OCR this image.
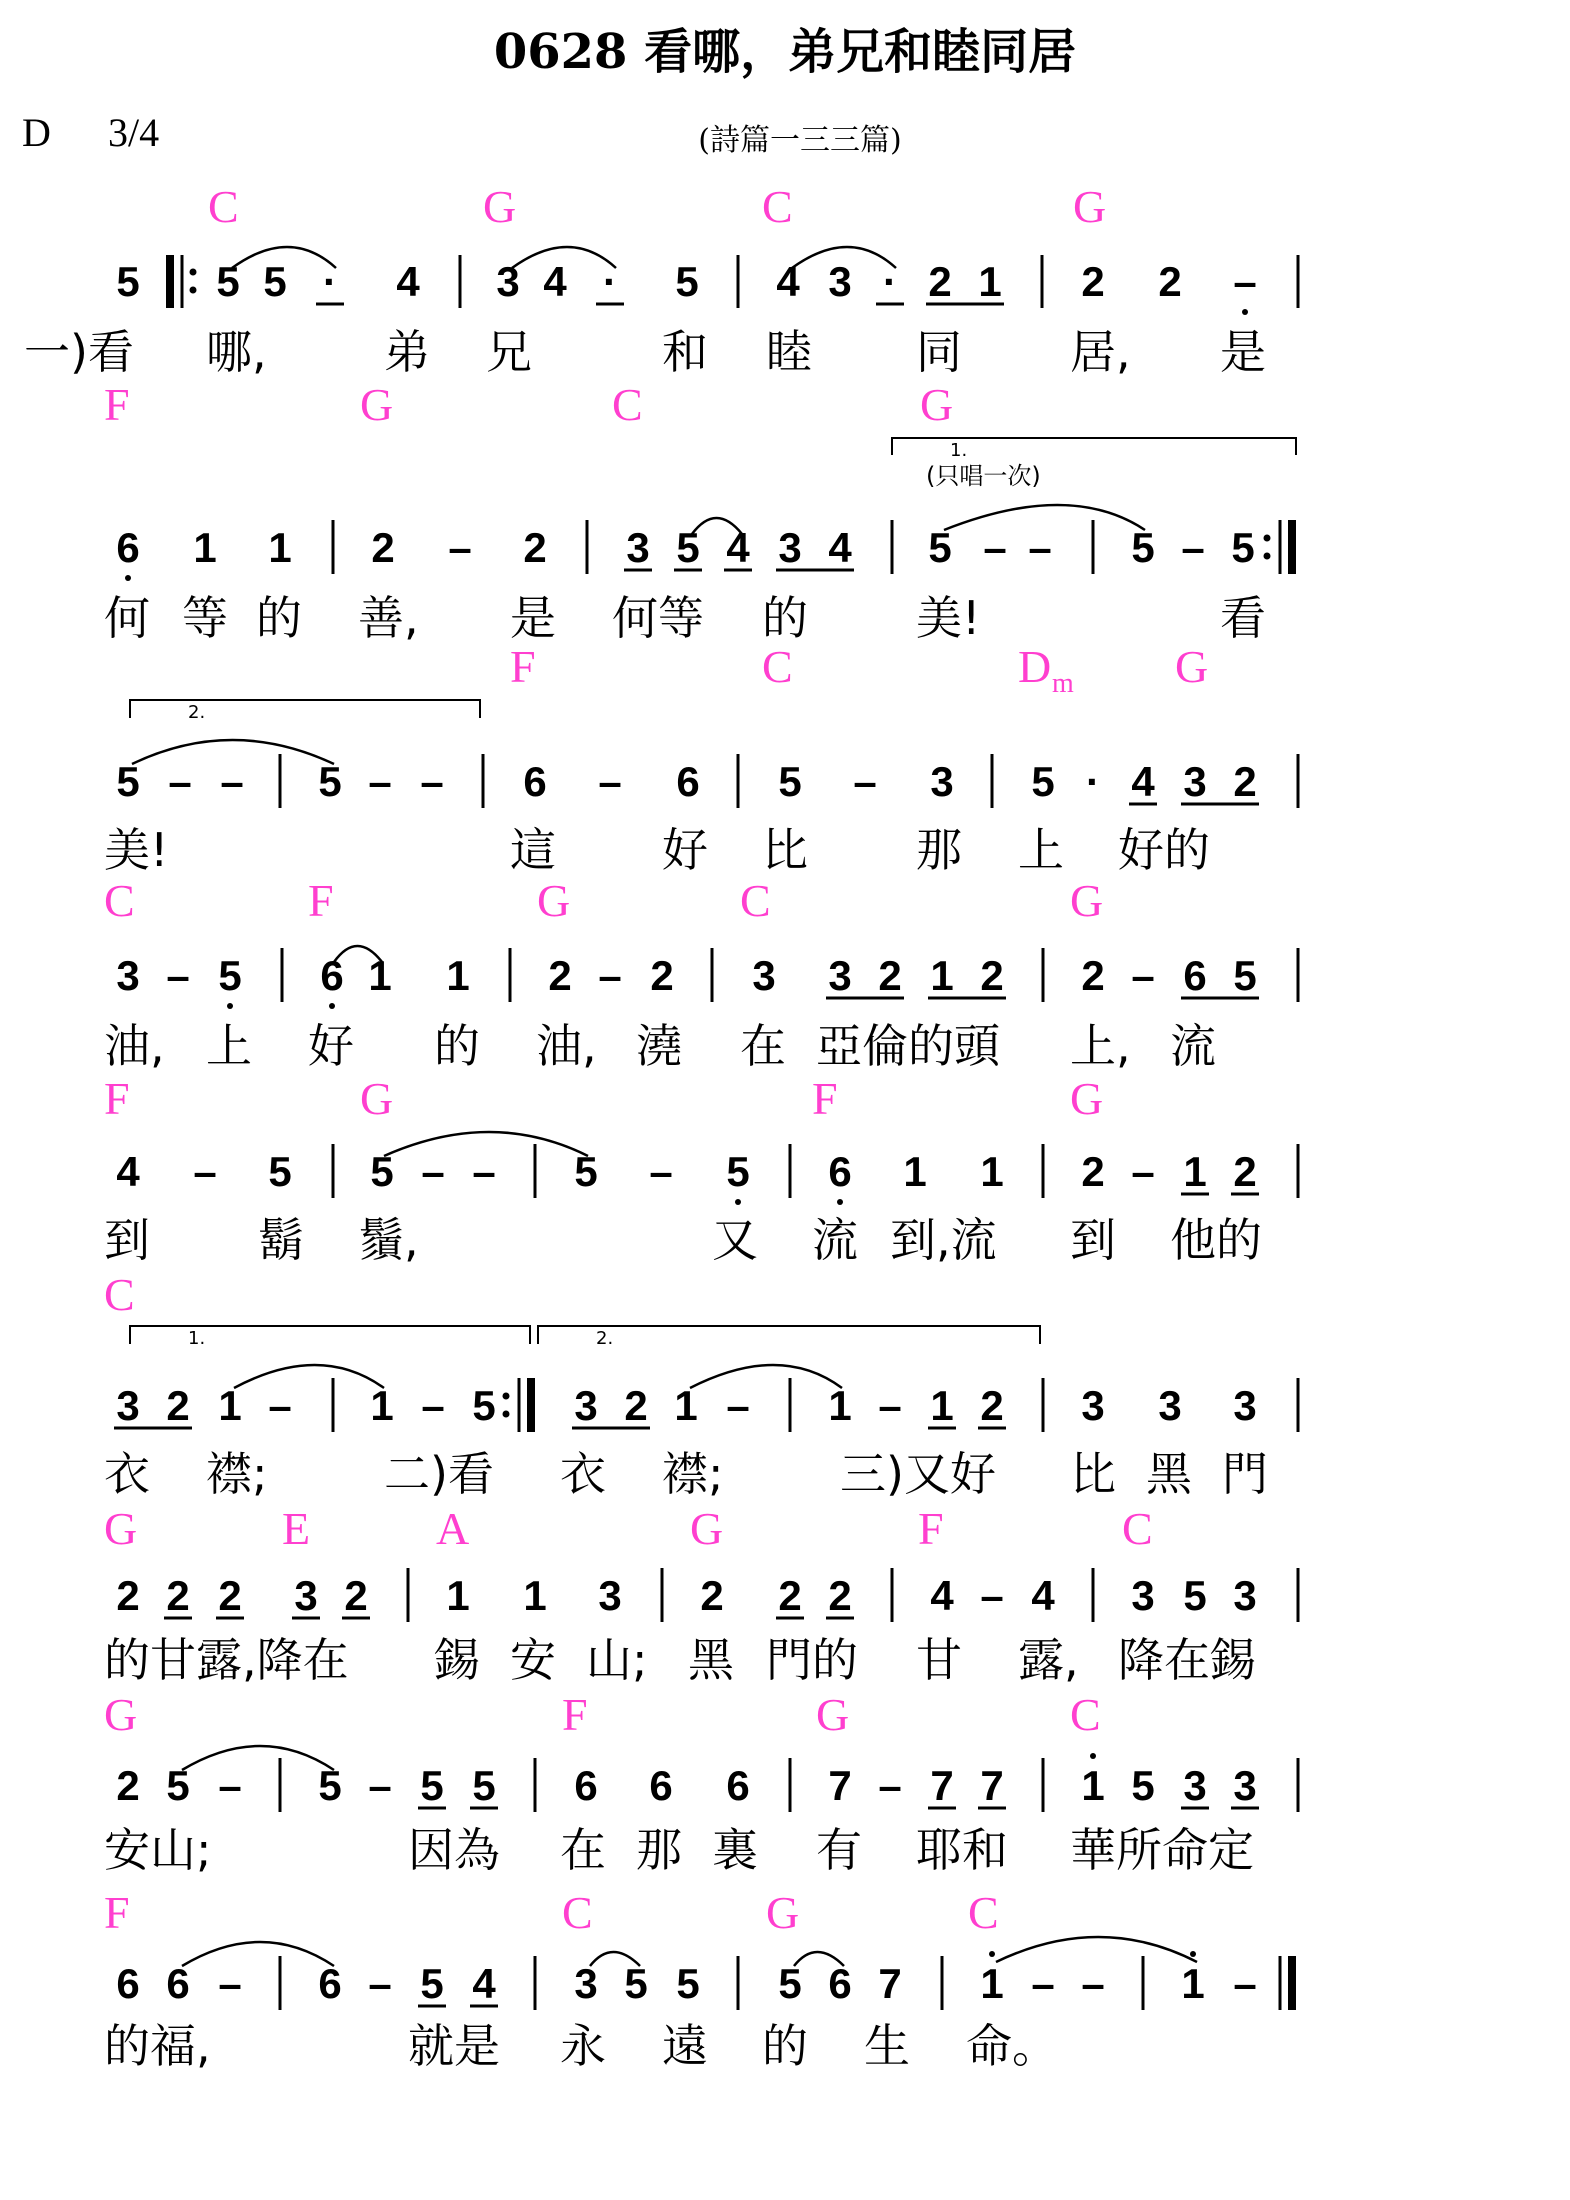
0628 看哪，弟兄和睦同居
D 3/4	(詩篇一三三篇)
C	G	C	G
5 5 5 · 4 3 4 · 5 4 3 · 2 1 2 2 –
一)看 哪,	弟 兄	和 睦 同 居, 是
F	G	C	G
1.
(只唱一次)
6 1 1 2 – 2 3 5 4 3 4 5 – – 5 – 5
何 等 的 善, 是 何等 的 美!	看
F	C	D m G
2.
5 – – 5 – – 6 – 6 5 – 3 5 · 4 3 2
美!	這 好 比 那 上 好的
C	F	G	C	G
3 – 5 6 1 1 2 – 2 3 3 2 1 2 2 – 6 5
油, 上 好 的 油, 澆 在 亞倫的頭 上, 流
F	G	F	G
4 – 5 5 – – 5 – 5 6 1 1 2 – 1 2
到 鬍 鬚,	又 流 到,流 到 他的
C
1.	2.
3 2 1 – 1 – 5 3 2 1 – 1 – 1 2 3 3 3
衣 襟;	二)看 衣 襟;	三)又好 比 黑 門
G	E	A	G	F	C
2 2 2 3 2 1 1 3 2 2 2 4 – 4 3 5 3
的甘露,降在 錫 安 山; 黑 門的 甘 露, 降在錫
G	F	G	C
2 5 – 5 – 5 5 6 6 6 7 – 7 7 1 5 3 3
安山;	因為 在 那 裏 有 耶和 華所命定
F	C	G	C
6 6 – 6 – 5 4 3 5 5 5 6 7 1 – – 1 –
的福,	就是 永 遠 的 生 命。
